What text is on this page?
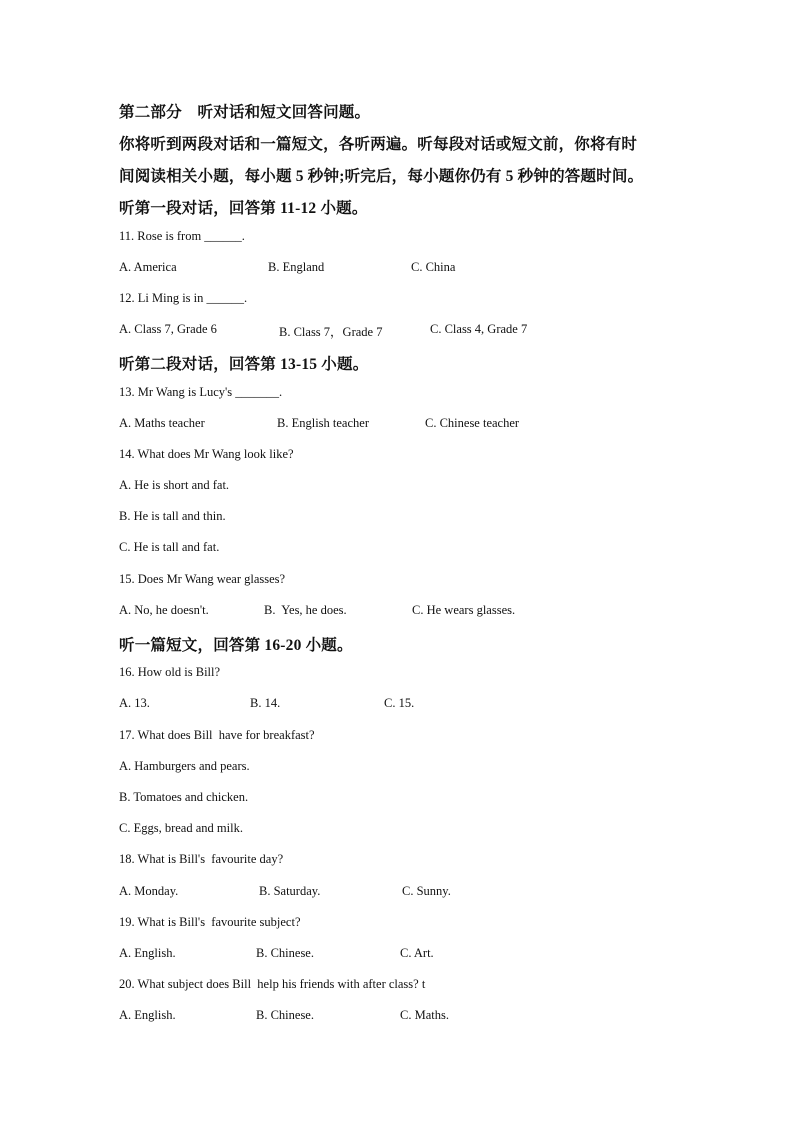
第二部分　听对话和短文回答问题。
你将听到两段对话和一篇短文，各听两遍。听每段对话或短文前，你将有时
间阅读相关小题，每小题 5 秒钟;听完后，每小题你仍有 5 秒钟的答题时间。
听第一段对话，回答第 11-12 小题。
11. Rose is from ______.
A. America	B. England	C. China
12. Li Ming is in ______.
A. Class 7, Grade 6	B. Class 7，Grade 7	C. Class 4, Grade 7
听第二段对话，回答第 13-15 小题。
13. Mr Wang is Lucy's _______.
A. Maths teacher	B. English teacher	C. Chinese teacher
14. What does Mr Wang look like?
A. He is short and fat.
B. He is tall and thin.
C. He is tall and fat.
15. Does Mr Wang wear glasses?
A. No, he doesn't.	B.  Yes, he does.	C. He wears glasses.
听一篇短文，回答第 16-20 小题。
16. How old is Bill?
A. 13.	B. 14.	C. 15.
17. What does Bill  have for breakfast?
A. Hamburgers and pears.
B. Tomatoes and chicken.
C. Eggs, bread and milk.
18. What is Bill's  favourite day?
A. Monday.	B. Saturday.	C. Sunny.
19. What is Bill's  favourite subject?
A. English.	B. Chinese.	C. Art.
20. What subject does Bill  help his friends with after class? t
A. English.	B. Chinese.	C. Maths.
